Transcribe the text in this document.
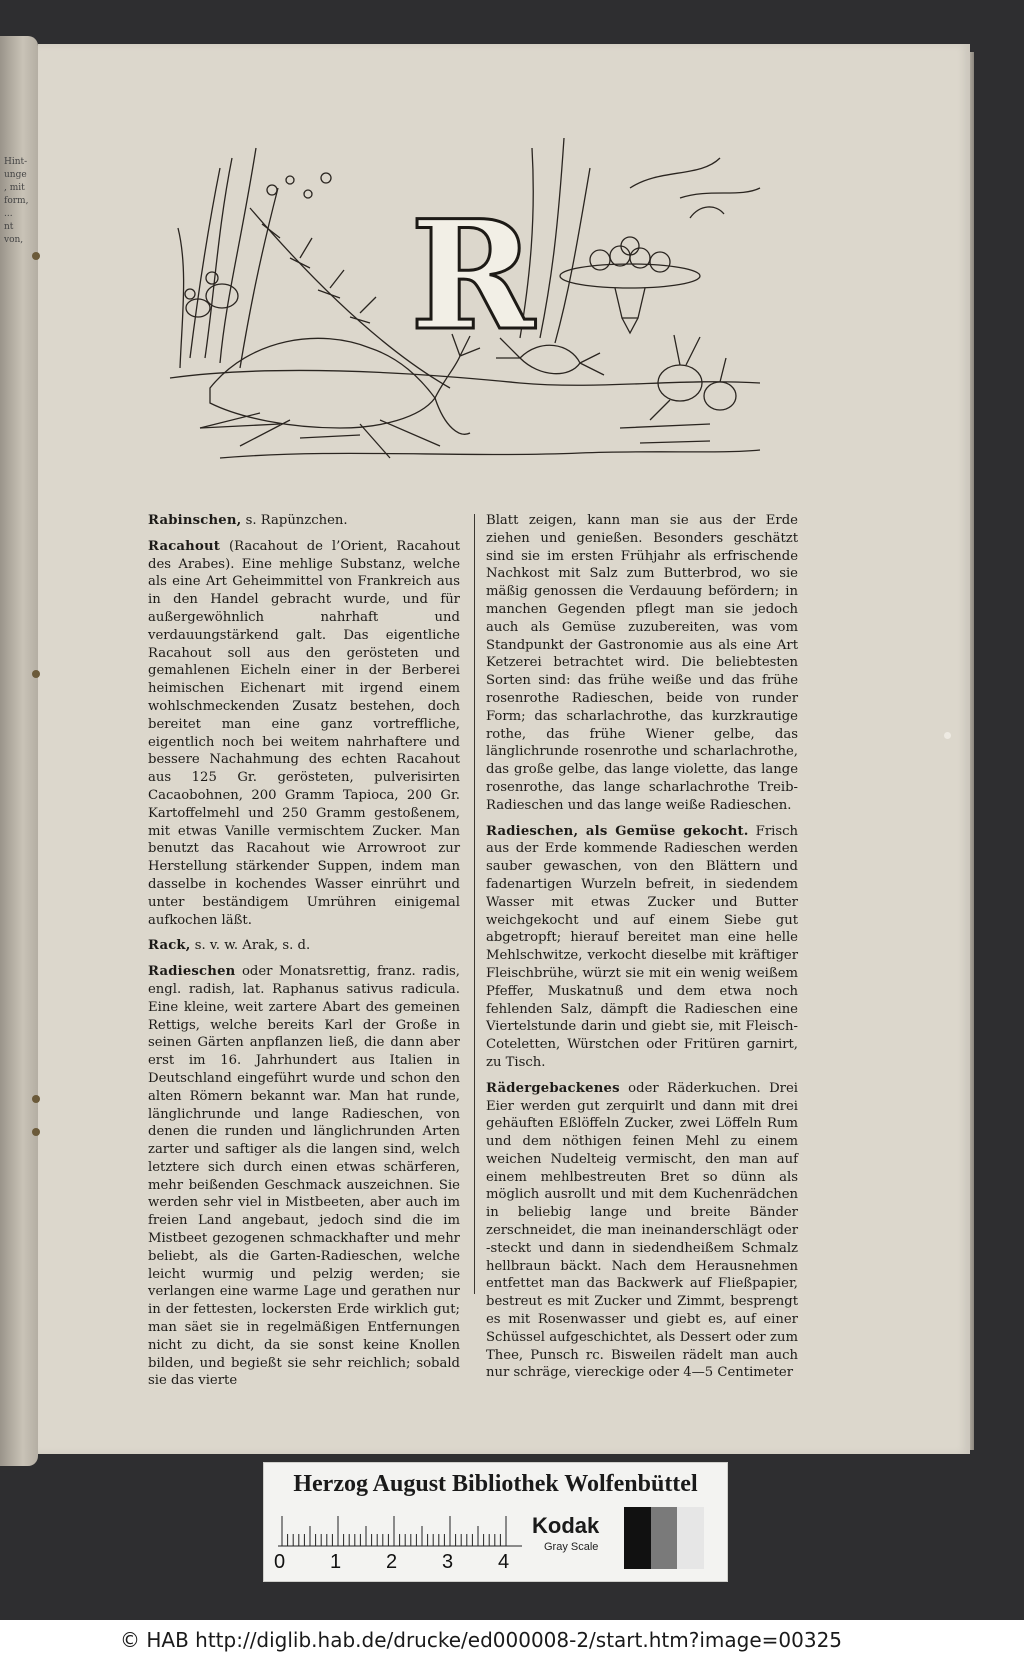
Hint-
unge
, mit
form,
...
nt
von,	R

Rabinschen, s. Rapünzchen.

Racahout (Racahout de l’Orient, Racahout des Arabes). Eine mehlige Substanz, welche als eine Art Geheimmittel von Frankreich aus in den Handel gebracht wurde, und für außergewöhnlich nahrhaft und verdauungstärkend galt. Das eigentliche Racahout soll aus den gerösteten und gemahlenen Eicheln einer in der Berberei heimischen Eichenart mit irgend einem wohlschmeckenden Zusatz bestehen, doch bereitet man eine ganz vortreffliche, eigentlich noch bei weitem nahrhaftere und bessere Nachahmung des echten Racahout aus 125 Gr. gerösteten, pulverisirten Cacaobohnen, 200 Gramm Tapioca, 200 Gr. Kartoffelmehl und 250 Gramm gestoßenem, mit etwas Vanille vermischtem Zucker. Man benutzt das Racahout wie Arrowroot zur Herstellung stärkender Suppen, indem man dasselbe in kochendes Wasser einrührt und unter beständigem Umrühren einigemal aufkochen läßt.

Rack, s. v. w. Arak, s. d.

Radieschen oder Monatsrettig, franz. radis, engl. radish, lat. Raphanus sativus radicula. Eine kleine, weit zartere Abart des gemeinen Rettigs, welche bereits Karl der Große in seinen Gärten anpflanzen ließ, die dann aber erst im 16. Jahrhundert aus Italien in Deutschland eingeführt wurde und schon den alten Römern bekannt war. Man hat runde, länglichrunde und lange Radieschen, von denen die runden und länglichrunden Arten zarter und saftiger als die langen sind, welch letztere sich durch einen etwas schärferen, mehr beißenden Geschmack auszeichnen. Sie werden sehr viel in Mistbeeten, aber auch im freien Land angebaut, jedoch sind die im Mistbeet gezogenen schmackhafter und mehr beliebt, als die Garten-Radieschen, welche leicht wurmig und pelzig werden; sie verlangen eine warme Lage und gerathen nur in der fettesten, lockersten Erde wirklich gut; man säet sie in regelmäßigen Entfernungen nicht zu dicht, da sie sonst keine Knollen bilden, und begießt sie sehr reichlich; sobald sie das vierte

Blatt zeigen, kann man sie aus der Erde ziehen und genießen. Besonders geschätzt sind sie im ersten Frühjahr als erfrischende Nachkost mit Salz zum Butterbrod, wo sie mäßig genossen die Verdauung befördern; in manchen Gegenden pflegt man sie jedoch auch als Gemüse zuzubereiten, was vom Standpunkt der Gastronomie aus als eine Art Ketzerei betrachtet wird. Die beliebtesten Sorten sind: das frühe weiße und das frühe rosenrothe Radieschen, beide von runder Form; das scharlachrothe, das kurzkrautige rothe, das frühe Wiener gelbe, das länglichrunde rosenrothe und scharlachrothe, das große gelbe, das lange violette, das lange rosenrothe, das lange scharlachrothe Treib-Radieschen und das lange weiße Radieschen.

Radieschen, als Gemüse gekocht. Frisch aus der Erde kommende Radieschen werden sauber gewaschen, von den Blättern und fadenartigen Wurzeln befreit, in siedendem Wasser mit etwas Zucker und Butter weichgekocht und auf einem Siebe gut abgetropft; hierauf bereitet man eine helle Mehlschwitze, verkocht dieselbe mit kräftiger Fleischbrühe, würzt sie mit ein wenig weißem Pfeffer, Muskatnuß und dem etwa noch fehlenden Salz, dämpft die Radieschen eine Viertelstunde darin und giebt sie, mit Fleisch-Coteletten, Würstchen oder Fritüren garnirt, zu Tisch.

Rädergebackenes oder Räderkuchen. Drei Eier werden gut zerquirlt und dann mit drei gehäuften Eßlöffeln Zucker, zwei Löffeln Rum und dem nöthigen feinen Mehl zu einem weichen Nudelteig vermischt, den man auf einem mehlbestreuten Bret so dünn als möglich ausrollt und mit dem Kuchenrädchen in beliebig lange und breite Bänder zerschneidet, die man ineinanderschlägt oder -steckt und dann in siedendheißem Schmalz hellbraun bäckt. Nach dem Herausnehmen entfettet man das Backwerk auf Fließpapier, bestreut es mit Zucker und Zimmt, besprengt es mit Rosenwasser und giebt es, auf einer Schüssel aufgeschichtet, als Dessert oder zum Thee, Punsch rc. Bisweilen rädelt man auch nur schräge, viereckige oder 4—5 Centimeter

Herzog August Bibliothek Wolfenbüttel
0 1 2 3 4
Kodak
Gray Scale
© HAB http://diglib.hab.de/drucke/ed000008-2/start.htm?image=00325
